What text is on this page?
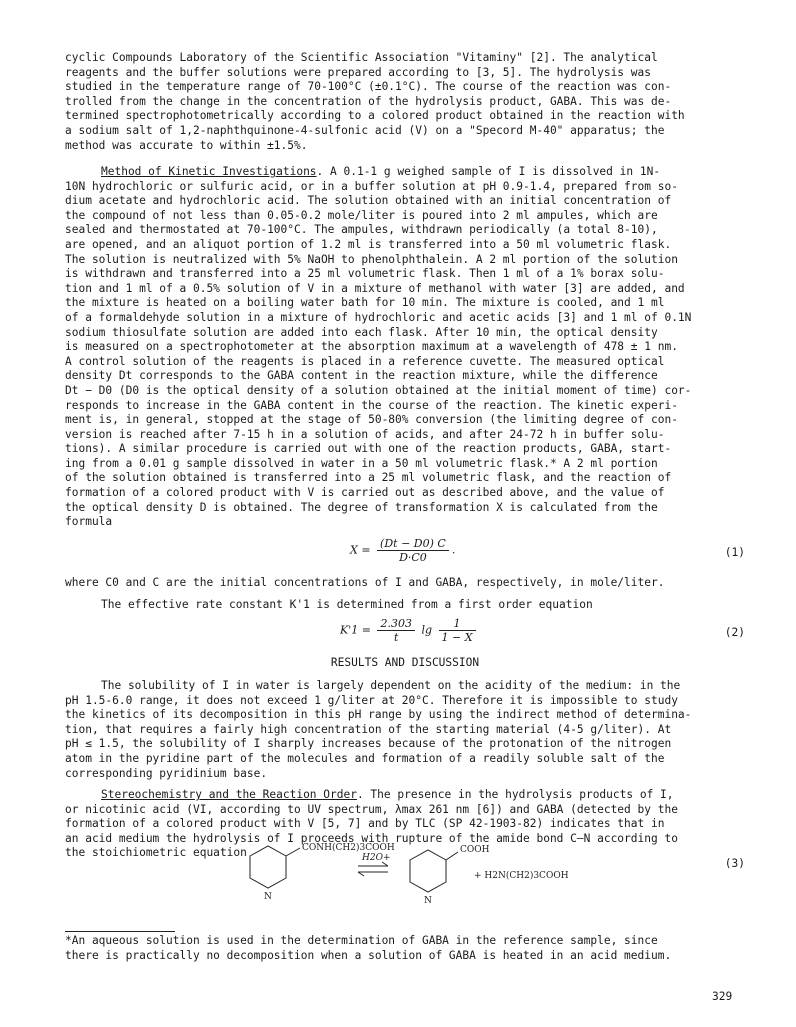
cyclic Compounds Laboratory of the Scientific Association "Vitaminy" [2]. The analytical
reagents and the buffer solutions were prepared according to [3, 5]. The hydrolysis was
studied in the temperature range of 70-100°C (±0.1°C). The course of the reaction was con-
trolled from the change in the concentration of the hydrolysis product, GABA. This was de-
termined spectrophotometrically according to a colored product obtained in the reaction with
a sodium salt of 1,2-naphthquinone-4-sulfonic acid (V) on a "Specord M-40" apparatus; the
method was accurate to within ±1.5%.
Method of Kinetic Investigations. A 0.1-1 g weighed sample of I is dissolved in 1N-
10N hydrochloric or sulfuric acid, or in a buffer solution at pH 0.9-1.4, prepared from so-
dium acetate and hydrochloric acid. The solution obtained with an initial concentration of
the compound of not less than 0.05-0.2 mole/liter is poured into 2 ml ampules, which are
sealed and thermostated at 70-100°C. The ampules, withdrawn periodically (a total 8-10),
are opened, and an aliquot portion of 1.2 ml is transferred into a 50 ml volumetric flask.
The solution is neutralized with 5% NaOH to phenolphthalein. A 2 ml portion of the solution
is withdrawn and transferred into a 25 ml volumetric flask. Then 1 ml of a 1% borax solu-
tion and 1 ml of a 0.5% solution of V in a mixture of methanol with water [3] are added, and
the mixture is heated on a boiling water bath for 10 min. The mixture is cooled, and 1 ml
of a formaldehyde solution in a mixture of hydrochloric and acetic acids [3] and 1 ml of 0.1N
sodium thiosulfate solution are added into each flask. After 10 min, the optical density
is measured on a spectrophotometer at the absorption maximum at a wavelength of 478 ± 1 nm.
A control solution of the reagents is placed in a reference cuvette. The measured optical
density Dt corresponds to the GABA content in the reaction mixture, while the difference
Dt − D0 (D0 is the optical density of a solution obtained at the initial moment of time) cor-
responds to increase in the GABA content in the course of the reaction. The kinetic experi-
ment is, in general, stopped at the stage of 50-80% conversion (the limiting degree of con-
version is reached after 7-15 h in a solution of acids, and after 24-72 h in buffer solu-
tions). A similar procedure is carried out with one of the reaction products, GABA, start-
ing from a 0.01 g sample dissolved in water in a 50 ml volumetric flask.* A 2 ml portion
of the solution obtained is transferred into a 25 ml volumetric flask, and the reaction of
formation of a colored product with V is carried out as described above, and the value of
the optical density D is obtained. The degree of transformation X is calculated from the
formula
$X = \frac{(Dt - D0) C}{D\cdot C0}$ .	(1)
where C0 and C are the initial concentrations of I and GABA, respectively, in mole/liter.
The effective rate constant K'1 is determined from a first order equation
$K'1 = \frac{2.303}{t}$ $\lg \frac{1}{1 - X}$	(2)
RESULTS AND DISCUSSION
The solubility of I in water is largely dependent on the acidity of the medium: in the
pH 1.5-6.0 range, it does not exceed 1 g/liter at 20°C. Therefore it is impossible to study
the kinetics of its decomposition in this pH range by using the indirect method of determina-
tion, that requires a fairly high concentration of the starting material (4-5 g/liter). At
pH ≤ 1.5, the solubility of I sharply increases because of the protonation of the nitrogen
atom in the pyridine part of the molecules and formation of a readily soluble salt of the
corresponding pyridinium base.
Stereochemistry and the Reaction Order. The presence in the hydrolysis products of I,
or nicotinic acid (VI, according to UV spectrum, λmax 261 nm [6]) and GABA (detected by the
formation of a colored product with V [5, 7] and by TLC (SP 42-1903-82) indicates that in
an acid medium the hydrolysis of I proceeds with rupture of the amide bond C—N according to
the stoichiometric equation	CONH(CH2)3COOH
N
H2O+
COOH
N
+ H2N(CH2)3COOH
(3)
*An aqueous solution is used in the determination of GABA in the reference sample, since
there is practically no decomposition when a solution of GABA is heated in an acid medium.
329
